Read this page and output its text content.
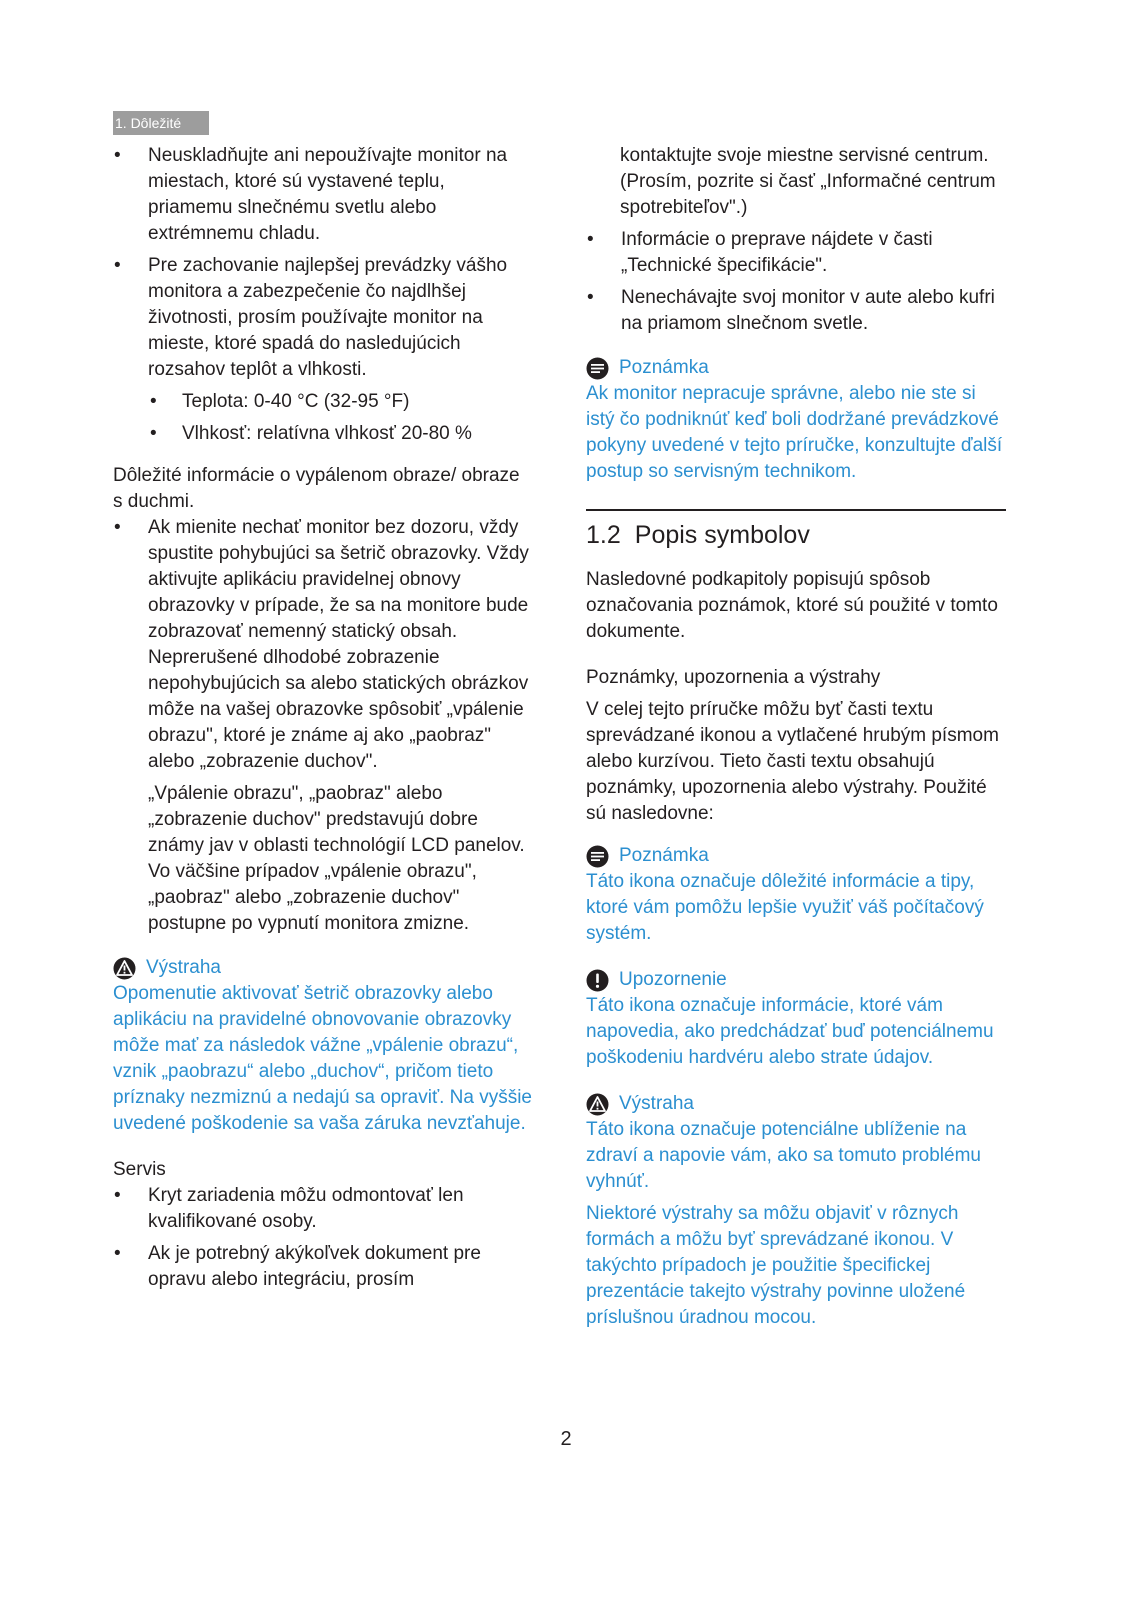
1. Dôležité
• Neuskladňujte ani nepoužívajte monitor na miestach, ktoré sú vystavené teplu, priamemu slnečnému svetlu alebo extrémnemu chladu.
• Pre zachovanie najlepšej prevádzky vášho monitora a zabezpečenie čo najdlhšej životnosti, prosím používajte monitor na mieste, ktoré spadá do nasledujúcich rozsahov teplôt a vlhkosti.
• Teplota: 0-40 °C (32-95 °F)
• Vlhkosť: relatívna vlhkosť 20-80 %

Dôležité informácie o vypálenom obraze/ obraze s duchmi.

• Ak mienite nechať monitor bez dozoru, vždy spustite pohybujúci sa šetrič obrazovky. Vždy aktivujte aplikáciu pravidelnej obnovy obrazovky v prípade, že sa na monitore bude zobrazovať nemenný statický obsah. Neprerušené dlhodobé zobrazenie nepohybujúcich sa alebo statických obrázkov môže na vašej obrazovke spôsobiť „vpálenie obrazu", ktoré je známe aj ako „paobraz" alebo „zobrazenie duchov".

„Vpálenie obrazu", „paobraz" alebo „zobrazenie duchov" predstavujú dobre známy jav v oblasti technológií LCD panelov. Vo väčšine prípadov „vpálenie obrazu", „paobraz" alebo „zobrazenie duchov" postupne po vypnutí monitora zmizne.

Výstraha

Opomenutie aktivovať šetrič obrazovky alebo aplikáciu na pravidelné obnovovanie obrazovky môže mať za následok vážne „vpálenie obrazu“, vznik „paobrazu“ alebo „duchov“, pričom tieto príznaky nezmiznú a nedajú sa opraviť. Na vyššie uvedené poškodenie sa vaša záruka nevzťahuje.

Servis

• Kryt zariadenia môžu odmontovať len kvalifikované osoby.
• Ak je potrebný akýkoľvek dokument pre opravu alebo integráciu, prosím

kontaktujte svoje miestne servisné centrum. (Prosím, pozrite si časť „Informačné centrum spotrebiteľov".)

• Informácie o preprave nájdete v časti „Technické špecifikácie".
• Nenechávajte svoj monitor v aute alebo kufri na priamom slnečnom svetle.

Poznámka

Ak monitor nepracuje správne, alebo nie ste si istý čo podniknúť keď boli dodržané prevádzkové pokyny uvedené v tejto príručke, konzultujte ďalší postup so servisným technikom.

1.2 Popis symbolov

Nasledovné podkapitoly popisujú spôsob označovania poznámok, ktoré sú použité v tomto dokumente.

Poznámky, upozornenia a výstrahy

V celej tejto príručke môžu byť časti textu sprevádzané ikonou a vytlačené hrubým písmom alebo kurzívou. Tieto časti textu obsahujú poznámky, upozornenia alebo výstrahy. Použité sú nasledovne:

Poznámka

Táto ikona označuje dôležité informácie a tipy, ktoré vám pomôžu lepšie využiť váš počítačový systém.

Upozornenie

Táto ikona označuje informácie, ktoré vám napovedia, ako predchádzať buď potenciálnemu poškodeniu hardvéru alebo strate údajov.

Výstraha

Táto ikona označuje potenciálne ublíženie na zdraví a napovie vám, ako sa tomuto problému vyhnúť.

Niektoré výstrahy sa môžu objaviť v rôznych formách a môžu byť sprevádzané ikonou. V takýchto prípadoch je použitie špecifickej prezentácie takejto výstrahy povinne uložené príslušnou úradnou mocou.

2
